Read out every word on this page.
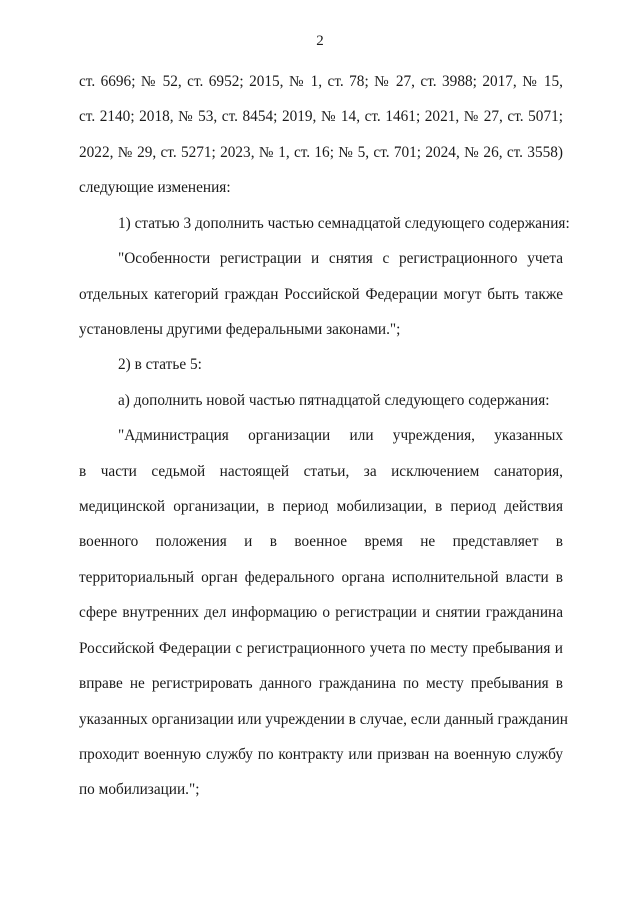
2
ст. 6696; № 52, ст. 6952; 2015, № 1, ст. 78; № 27, ст. 3988; 2017, № 15,
ст. 2140; 2018, № 53, ст. 8454; 2019, № 14, ст. 1461; 2021, № 27, ст. 5071;
2022, № 29, ст. 5271; 2023, № 1, ст. 16; № 5, ст. 701; 2024, № 26, ст. 3558)
следующие изменения:
1) статью 3 дополнить частью семнадцатой следующего содержания:
"Особенности регистрации и снятия с регистрационного учета
отдельных категорий граждан Российской Федерации могут быть также
установлены другими федеральными законами.";
2) в статье 5:
а) дополнить новой частью пятнадцатой следующего содержания:
"Администрация организации или учреждения, указанных
в части седьмой настоящей статьи, за исключением санатория,
медицинской организации, в период мобилизации, в период действия
военного положения и в военное время не представляет в
территориальный орган федерального органа исполнительной власти в
сфере внутренних дел информацию о регистрации и снятии гражданина
Российской Федерации с регистрационного учета по месту пребывания и
вправе не регистрировать данного гражданина по месту пребывания в
указанных организации или учреждении в случае, если данный гражданин
проходит военную службу по контракту или призван на военную службу
по мобилизации.";
